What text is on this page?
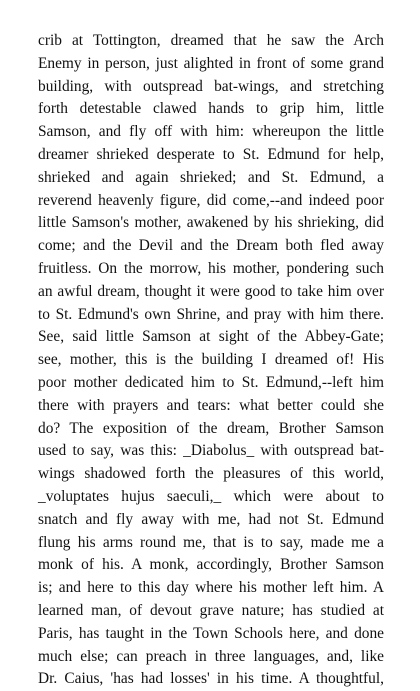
crib at Tottington, dreamed that he saw the Arch
Enemy in person, just alighted in front of some grand
building, with outspread bat-wings, and stretching
forth detestable clawed hands to grip him, little
Samson, and fly off with him: whereupon the little
dreamer shrieked desperate to St. Edmund for help,
shrieked and again shrieked; and St. Edmund, a
reverend heavenly figure, did come,--and indeed poor
little Samson's mother, awakened by his shrieking, did
come; and the Devil and the Dream both fled away
fruitless. On the morrow, his mother, pondering such
an awful dream, thought it were good to take him over
to St. Edmund's own Shrine, and pray with him there.
See, said little Samson at sight of the Abbey-Gate;
see, mother, this is the building I dreamed of! His
poor mother dedicated him to St. Edmund,--left him
there with prayers and tears: what better could she
do? The exposition of the dream, Brother Samson
used to say, was this: _Diabolus_ with outspread bat-
wings shadowed forth the pleasures of this world,
_voluptates hujus saeculi,_ which were about to
snatch and fly away with me, had not St. Edmund
flung his arms round me, that is to say, made me a
monk of his. A monk, accordingly, Brother Samson
is; and here to this day where his mother left him. A
learned man, of devout grave nature; has studied at
Paris, has taught in the Town Schools here, and done
much else; can preach in three languages, and, like
Dr. Caius, 'has had losses' in his time. A thoughtful,
